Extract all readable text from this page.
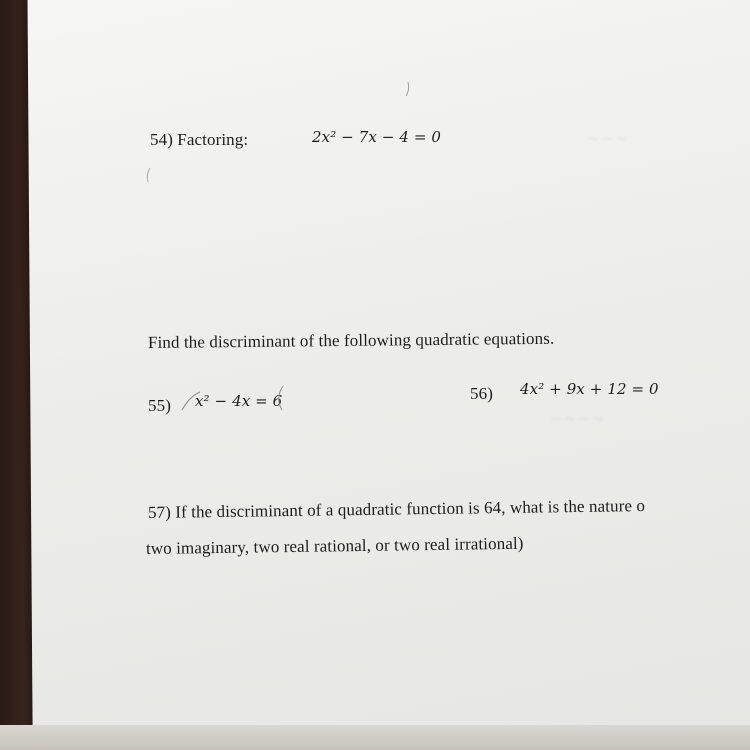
~ ~ ~
~ ~ ~ ~
54) Factoring:	2x² − 7x − 4 = 0
Find the discriminant of the following quadratic equations.
55) x² − 4x = 6	56) 4x² + 9x + 12 = 0
57) If the discriminant of a quadratic function is 64, what is the nature o
two imaginary, two real rational, or two real irrational)
